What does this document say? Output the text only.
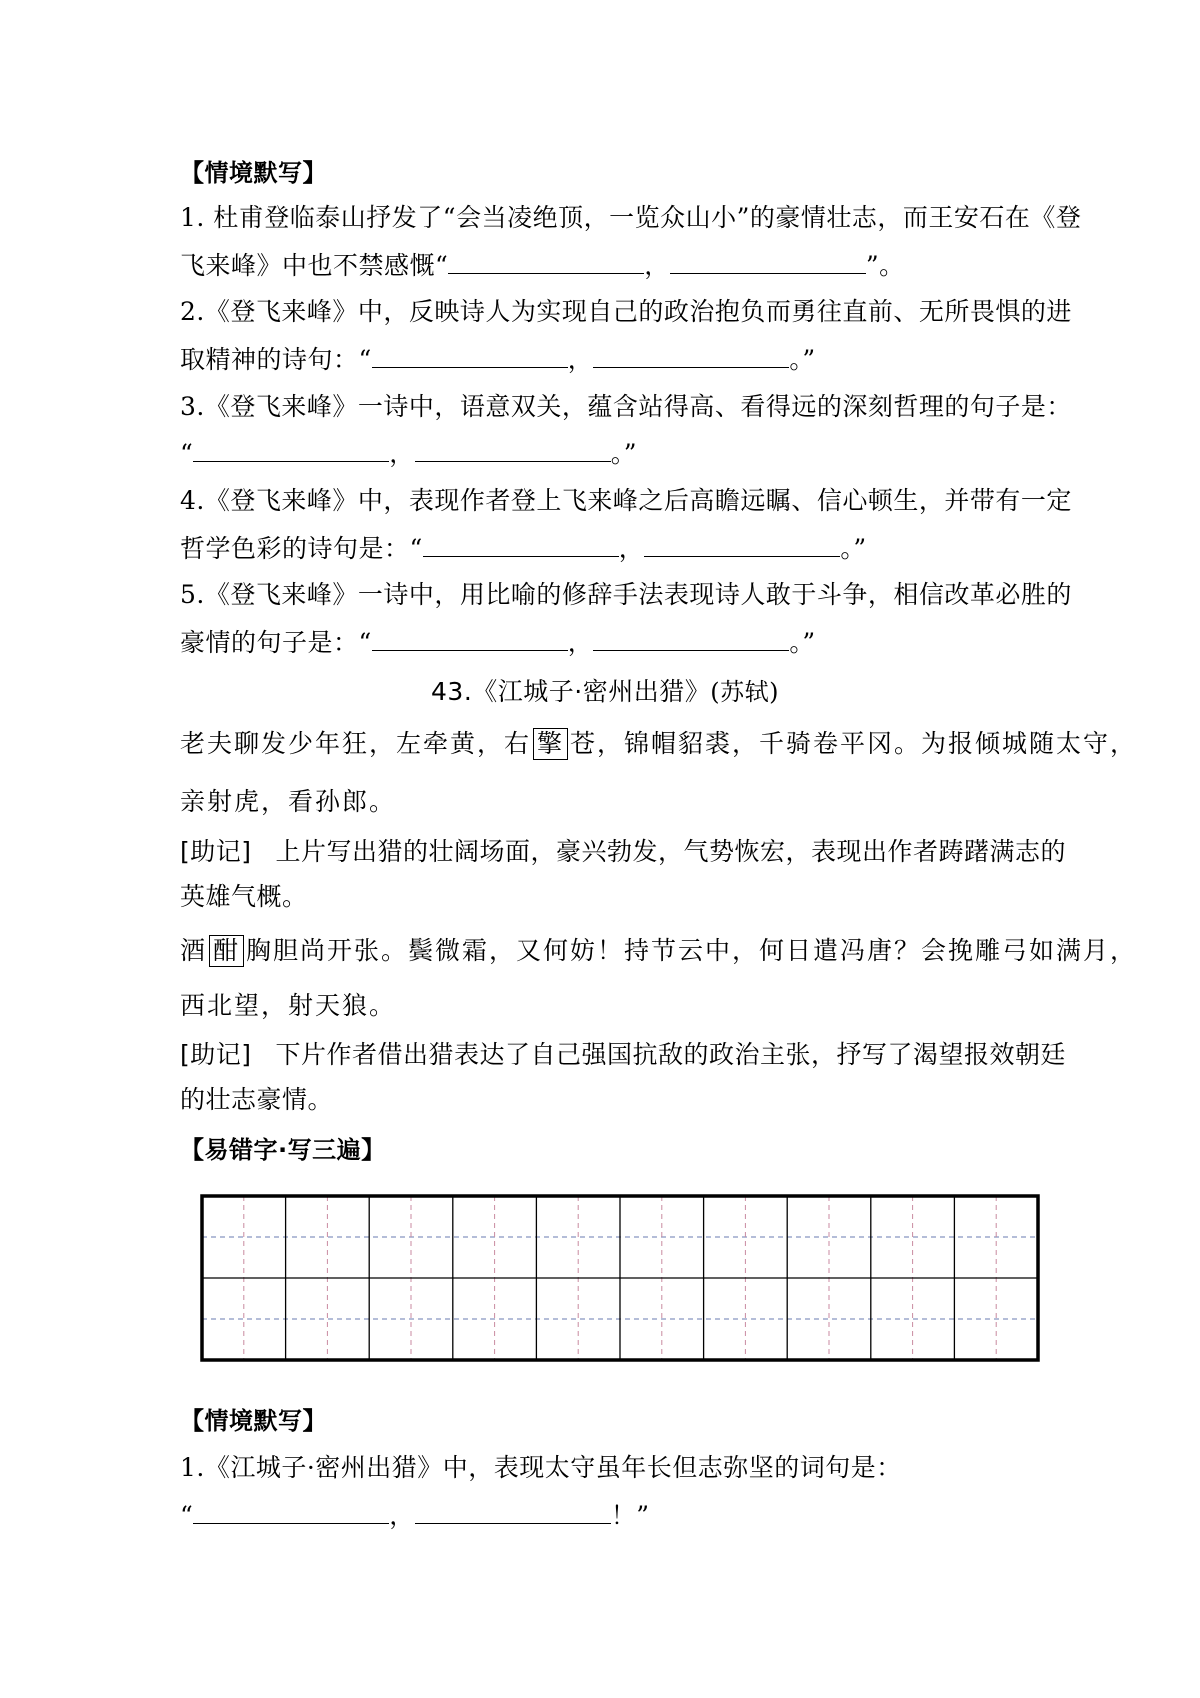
【情境默写】
1. 杜甫登临泰山抒发了“会当凌绝顶，一览众山小”的豪情壮志，而王安石在《登
飞来峰》中也不禁感慨“	，	”。
2.《登飞来峰》中，反映诗人为实现自己的政治抱负而勇往直前、无所畏惧的进
取精神的诗句：“	，	。”
3.《登飞来峰》一诗中，语意双关，蕴含站得高、看得远的深刻哲理的句子是：
“	，	。”
4.《登飞来峰》中，表现作者登上飞来峰之后高瞻远瞩、信心顿生，并带有一定
哲学色彩的诗句是：“	，	。”
5.《登飞来峰》一诗中，用比喻的修辞手法表现诗人敢于斗争，相信改革必胜的
豪情的句子是：“	，	。”
43.《江城子·密州出猎》(苏轼)
老夫聊发少年狂，左牵黄，右 擎 苍，锦帽貂裘，千骑卷平冈。为报倾城随太守，
亲射虎，看孙郎。
[助记] 上片写出猎的壮阔场面，豪兴勃发，气势恢宏，表现出作者踌躇满志的
英雄气概。
酒 酣 胸胆尚开张。鬓微霜，又何妨！持节云中，何日遣冯唐？会挽雕弓如满月，
西北望，射天狼。
[助记] 下片作者借出猎表达了自己强国抗敌的政治主张，抒写了渴望报效朝廷
的壮志豪情。
【易错字·写三遍】
【情境默写】
1.《江城子·密州出猎》中，表现太守虽年长但志弥坚的词句是：
“	，	！”
